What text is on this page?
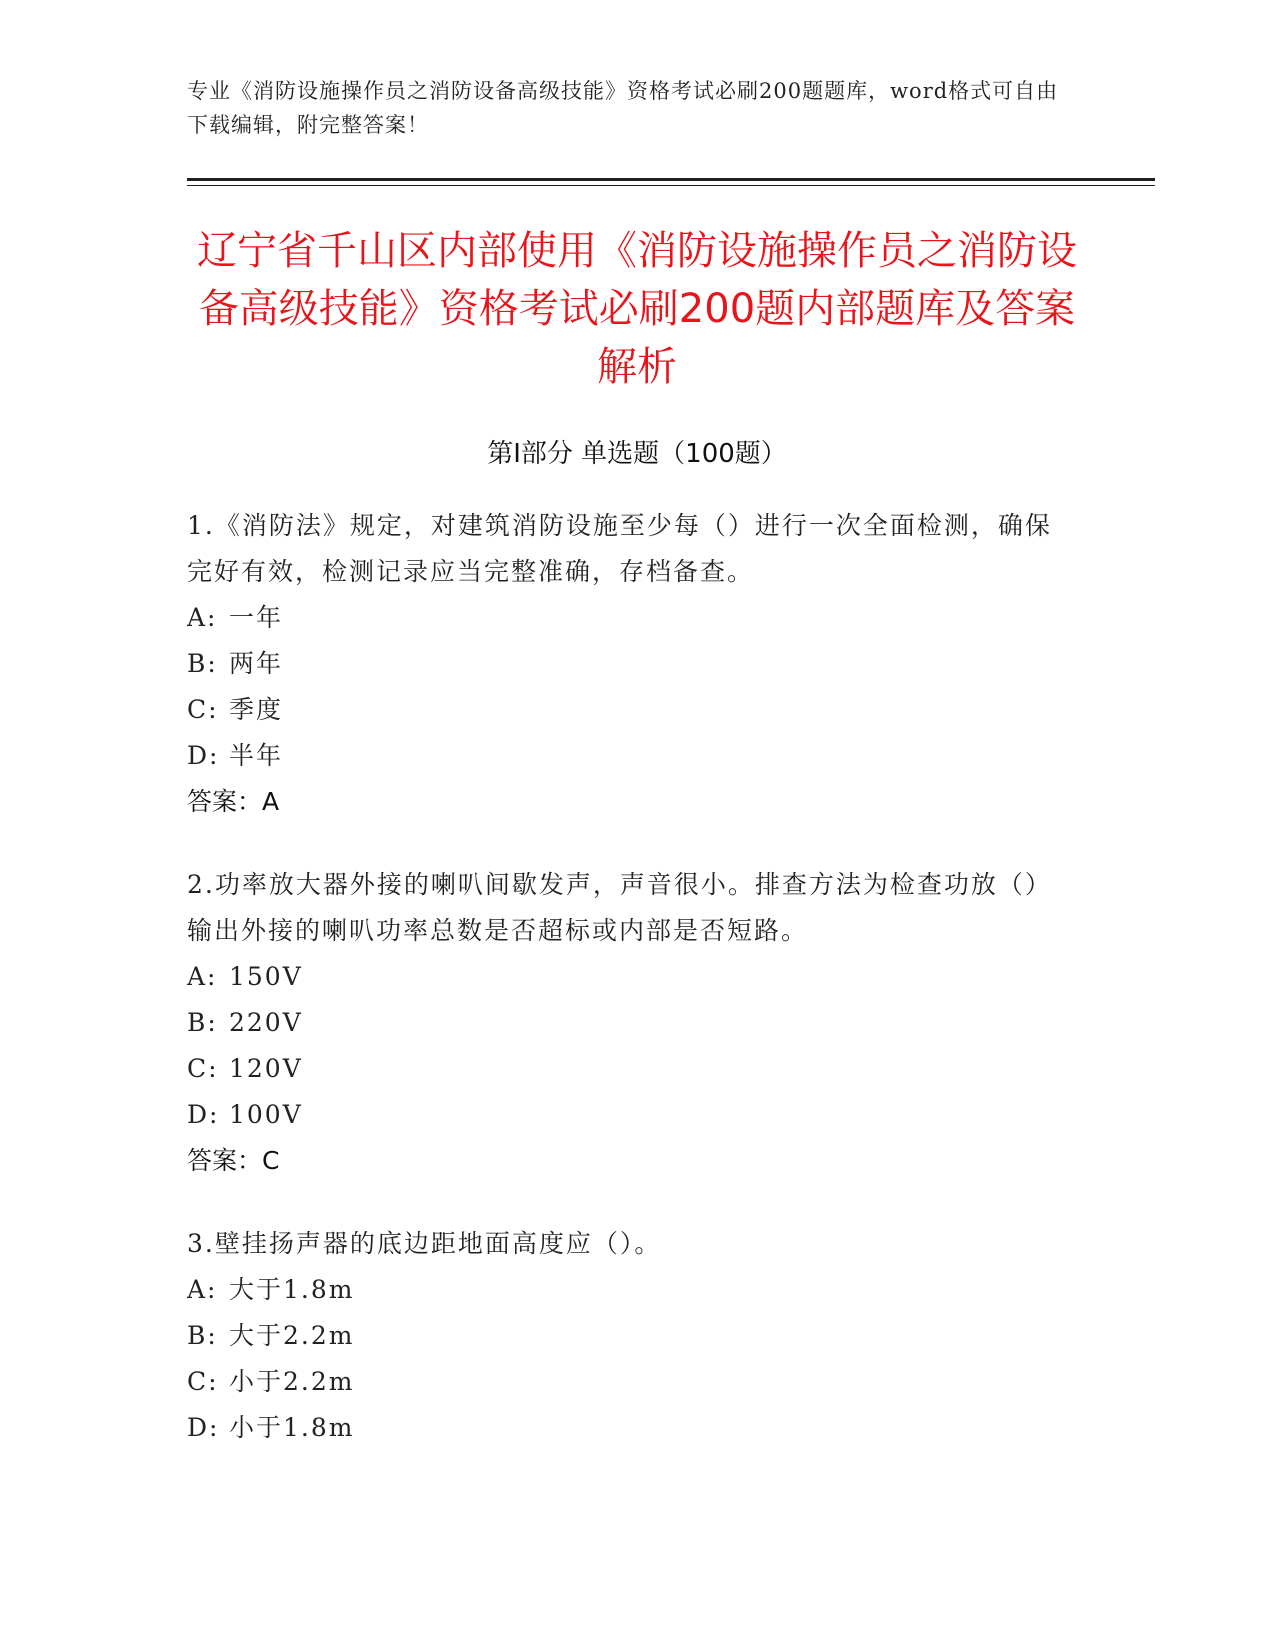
专业《消防设施操作员之消防设备高级技能》资格考试必刷200题题库，word格式可自由下载编辑，附完整答案！
辽宁省千山区内部使用《消防设施操作员之消防设备高级技能》资格考试必刷200题内部题库及答案解析
第Ⅰ部分 单选题（100题）

1.《消防法》规定，对建筑消防设施至少每（）进行一次全面检测，确保完好有效，检测记录应当完整准确，存档备查。

A: 一年

B: 两年

C: 季度

D: 半年

答案：A

2.功率放大器外接的喇叭间歇发声，声音很小。排查方法为检查功放（）输出外接的喇叭功率总数是否超标或内部是否短路。

A: 150V

B: 220V

C: 120V

D: 100V

答案：C

3.壁挂扬声器的底边距地面高度应（）。

A: 大于1.8m

B: 大于2.2m

C: 小于2.2m

D: 小于1.8m
